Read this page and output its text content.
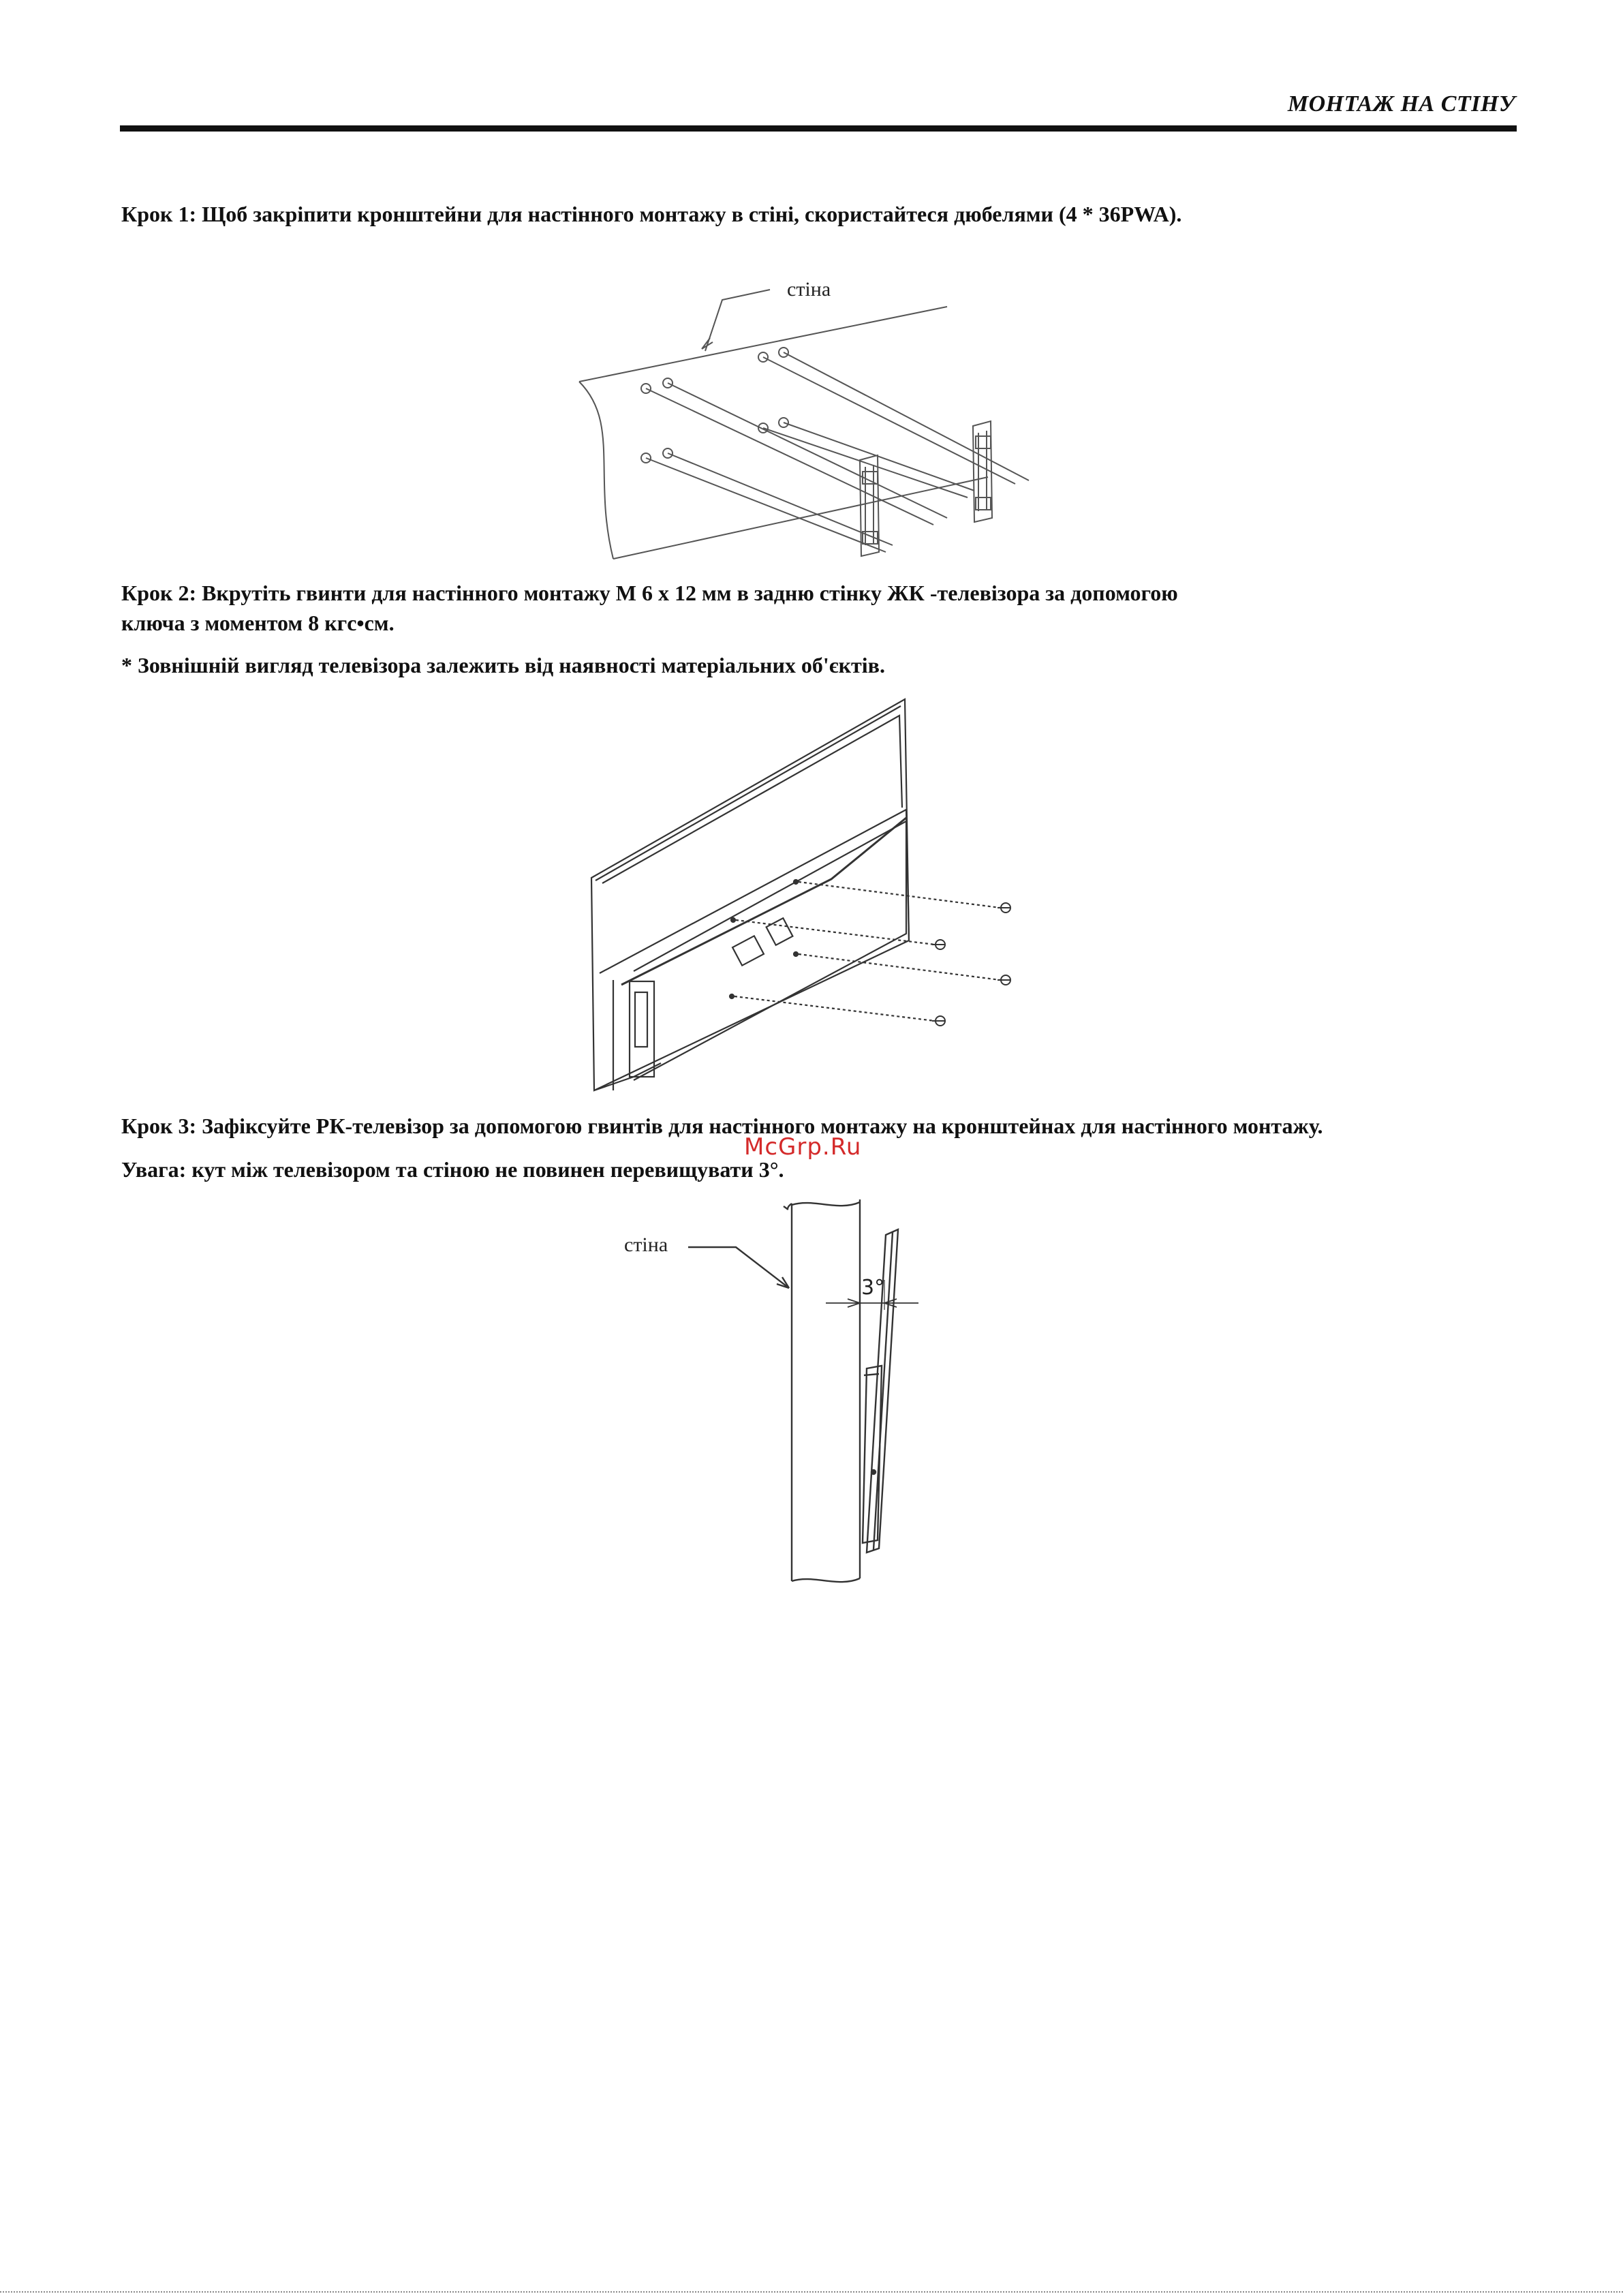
МОНТАЖ НА СТІНУ
Крок 1: Щоб закріпити кронштейни для настінного монтажу в стіні, скористайтеся дюбелями (4 * 36PWA).
стіна
Крок 2: Вкрутіть гвинти для настінного монтажу М 6 x 12 мм в задню стінку ЖК -телевізора за допомогою
ключа з моментом 8 кгс•см.
* Зовнішній вигляд телевізора залежить від наявності матеріальних об'єктів.
Крок 3: Зафіксуйте РК-телевізор за допомогою гвинтів для настінного монтажу на кронштейнах для настінного монтажу.
McGrp.Ru
Увага: кут між телевізором та стіною не повинен перевищувати 3°.
стіна
3°
